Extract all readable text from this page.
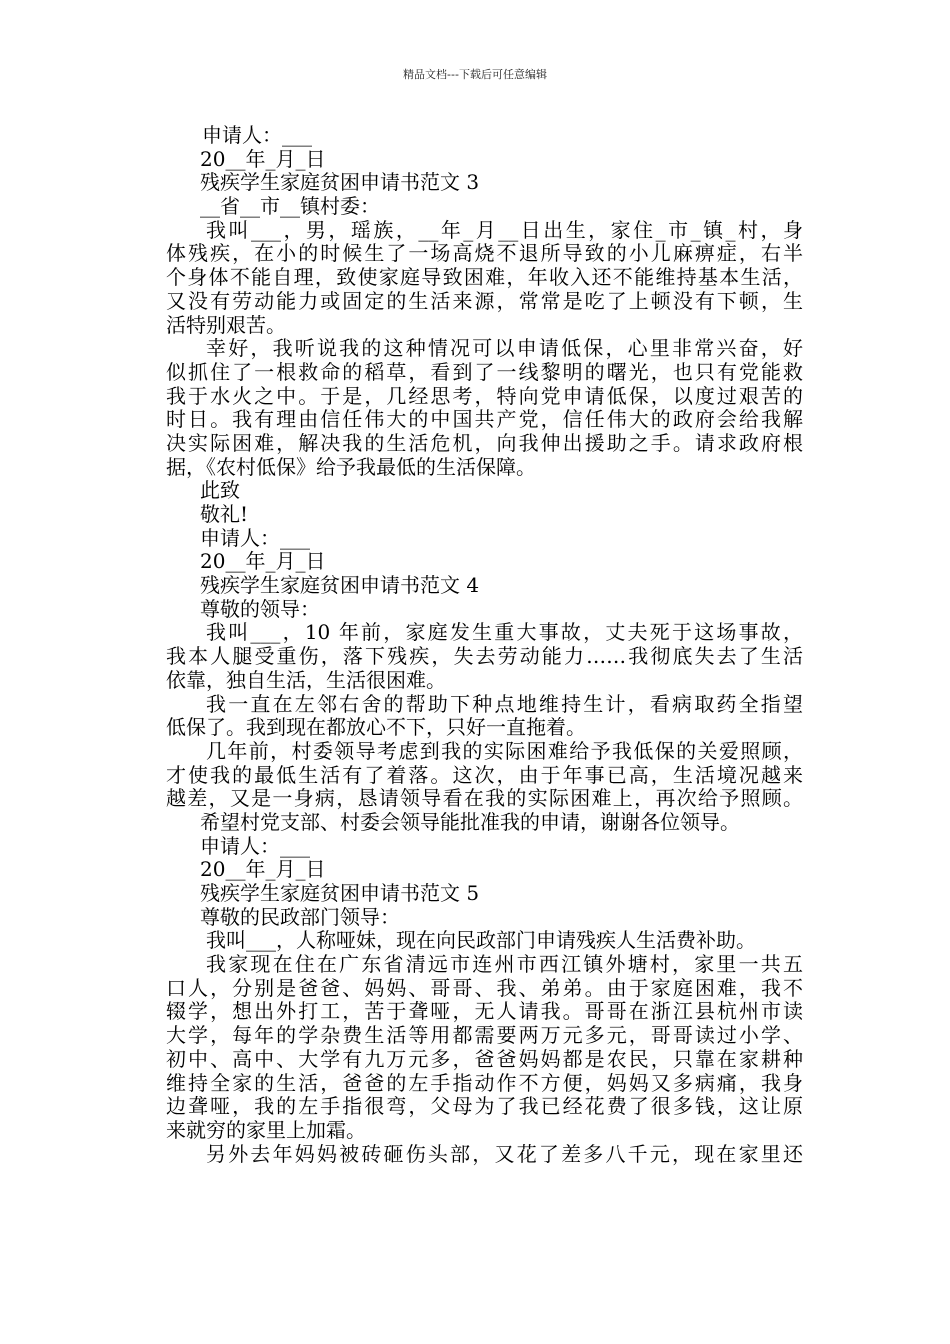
精品文档---下载后可任意编辑
申请人：___
20__年_月_日
残疾学生家庭贫困申请书范文 3
__省__市__镇村委：
我叫___，男，瑶族，__年_月__日出生，家住_市_镇_村，身
体残疾，在小的时候生了一场高烧不退所导致的小儿麻痹症，右半
个身体不能自理，致使家庭导致困难，年收入还不能维持基本生活，
又没有劳动能力或固定的生活来源，常常是吃了上顿没有下顿，生
活特别艰苦。
幸好，我听说我的这种情况可以申请低保，心里非常兴奋，好
似抓住了一根救命的稻草，看到了一线黎明的曙光，也只有党能救
我于水火之中。于是，几经思考，特向党申请低保，以度过艰苦的
时日。我有理由信任伟大的中国共产党，信任伟大的政府会给我解
决实际困难，解决我的生活危机，向我伸出援助之手。请求政府根
据，《农村低保》给予我最低的生活保障。
此致
敬礼!
申请人：___
20__年_月_日
残疾学生家庭贫困申请书范文 4
尊敬的领导：
我叫___，10 年前，家庭发生重大事故，丈夫死于这场事故，
我本人腿受重伤，落下残疾，失去劳动能力……我彻底失去了生活
依靠，独自生活，生活很困难。
我一直在左邻右舍的帮助下种点地维持生计，看病取药全指望
低保了。我到现在都放心不下，只好一直拖着。
几年前，村委领导考虑到我的实际困难给予我低保的关爱照顾，
才使我的最低生活有了着落。这次，由于年事已高，生活境况越来
越差，又是一身病，恳请领导看在我的实际困难上，再次给予照顾。
希望村党支部、村委会领导能批准我的申请，谢谢各位领导。
申请人：___
20__年_月_日
残疾学生家庭贫困申请书范文 5
尊敬的民政部门领导：
我叫___，人称哑妹，现在向民政部门申请残疾人生活费补助。
我家现在住在广东省清远市连州市西江镇外塘村，家里一共五
口人，分别是爸爸、妈妈、哥哥、我、弟弟。由于家庭困难，我不
辍学，想出外打工，苦于聋哑，无人请我。哥哥在浙江县杭州市读
大学，每年的学杂费生活等用都需要两万元多元，哥哥读过小学、
初中、高中、大学有九万元多，爸爸妈妈都是农民，只靠在家耕种
维持全家的生活，爸爸的左手指动作不方便，妈妈又多病痛，我身
边聋哑，我的左手指很弯，父母为了我已经花费了很多钱，这让原
来就穷的家里上加霜。
另外去年妈妈被砖砸伤头部，又花了差多八千元，现在家里还
